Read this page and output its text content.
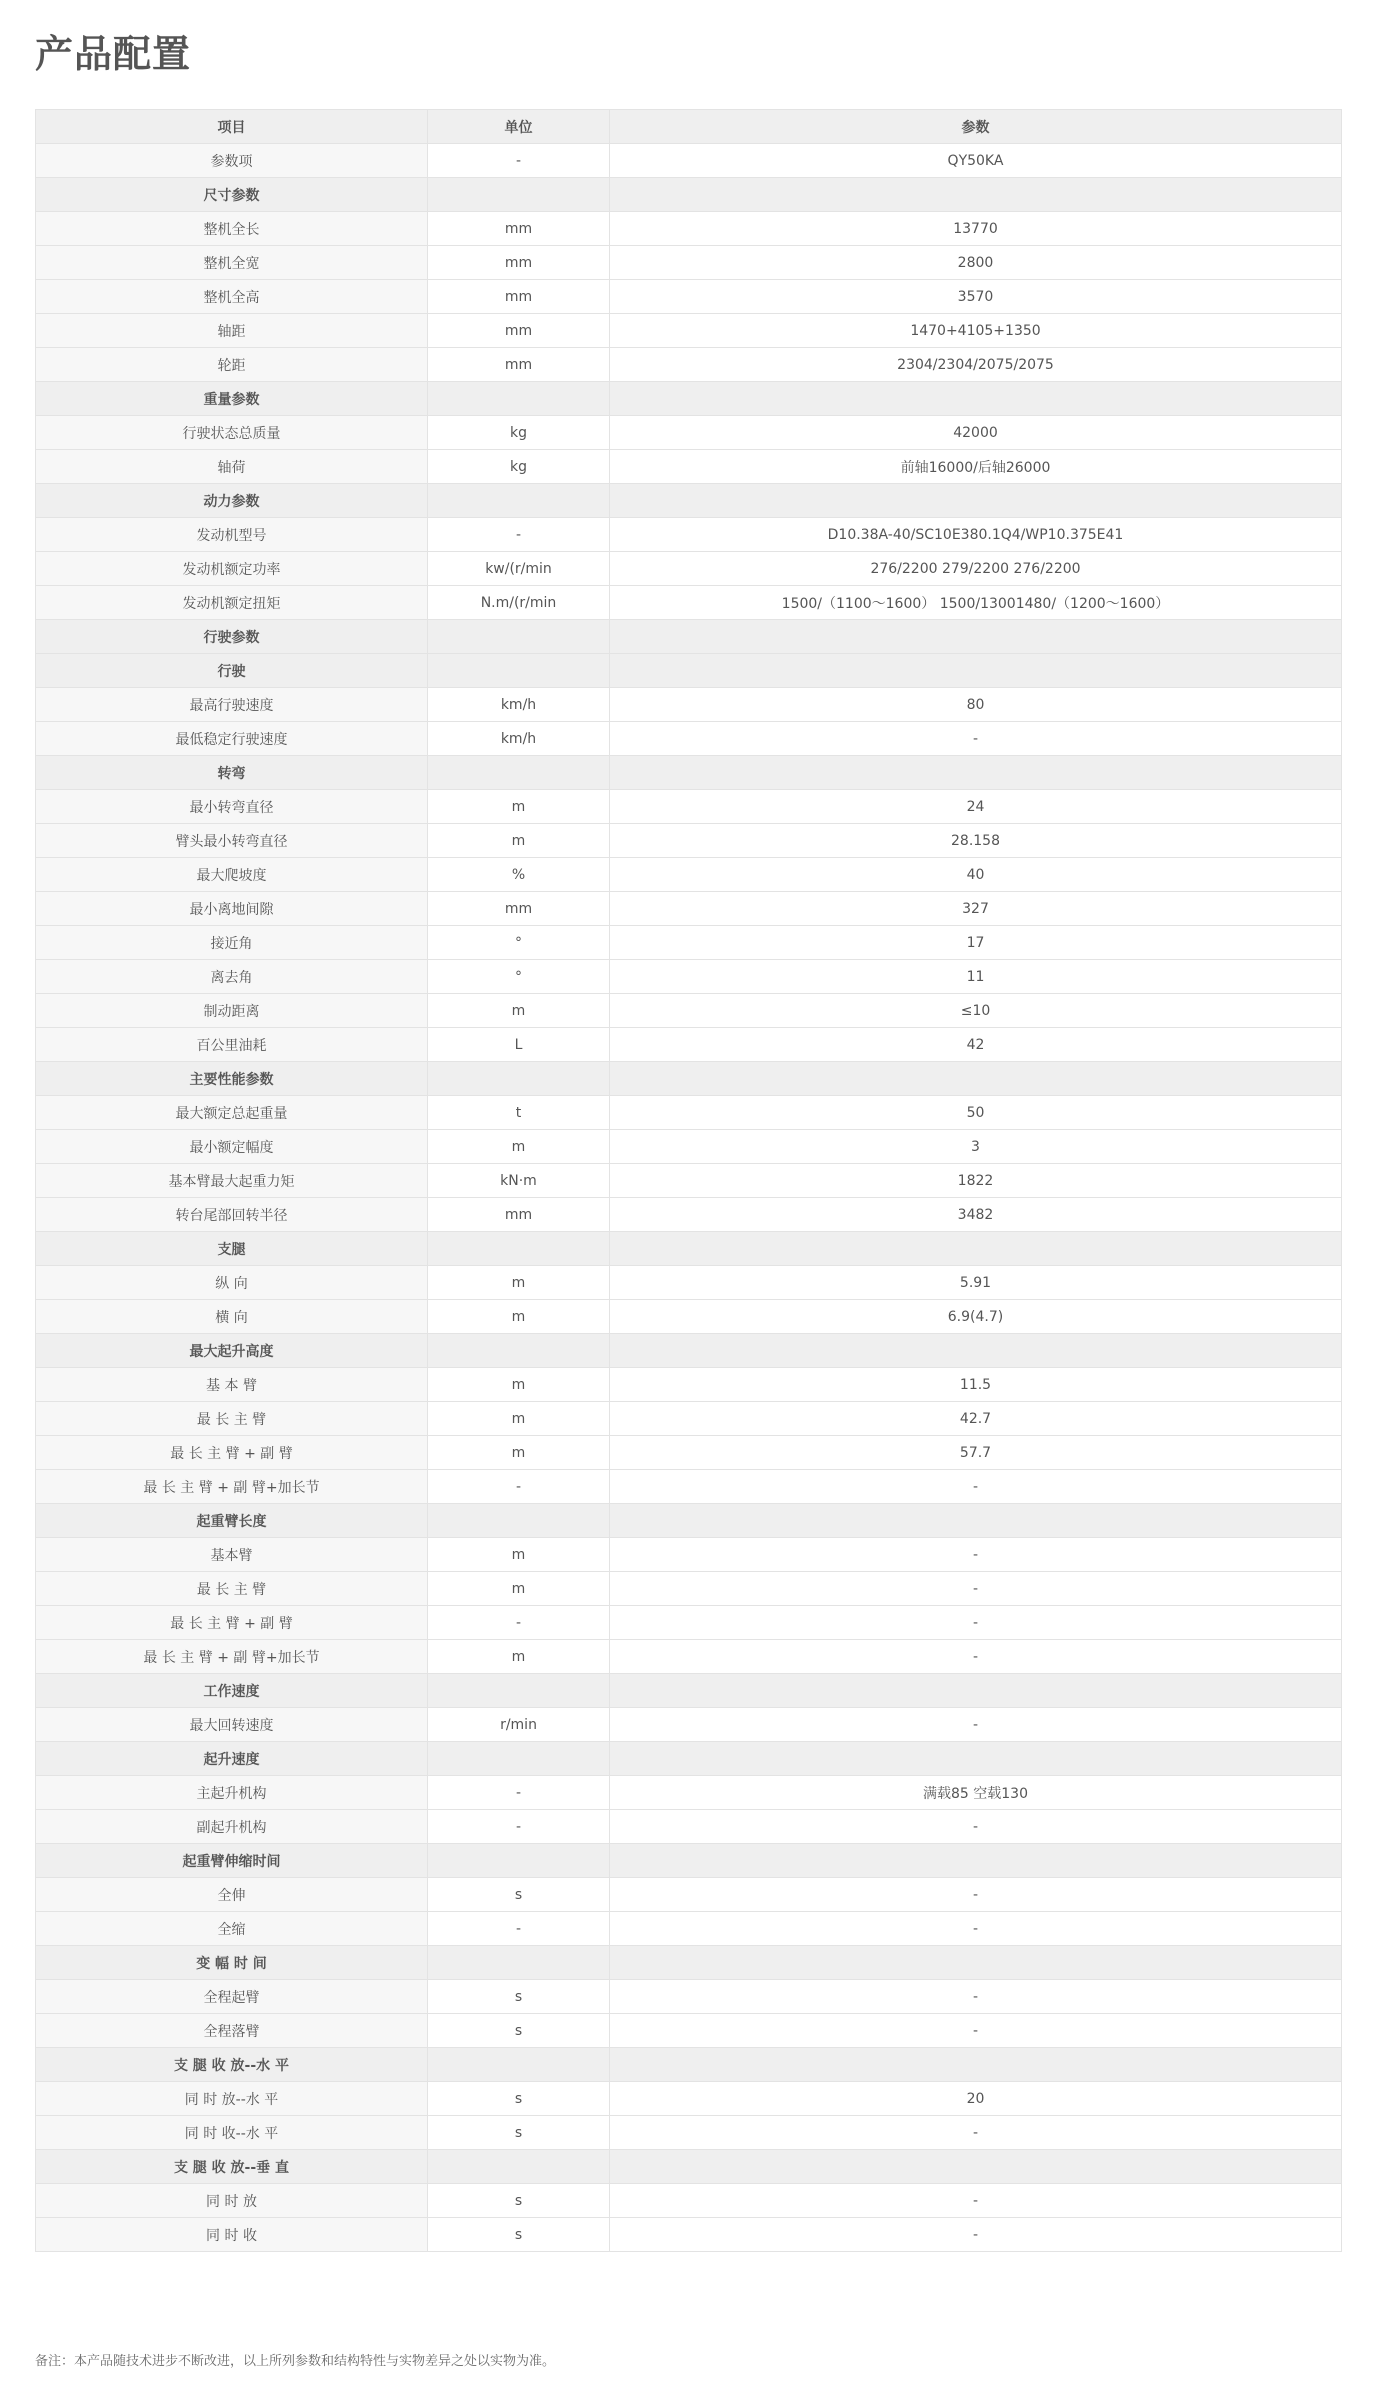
产品配置
项目	单位	参数
参数项	-	QY50KA
尺寸参数		
整机全长	mm	13770
整机全宽	mm	2800
整机全高	mm	3570
轴距	mm	1470+4105+1350
轮距	mm	2304/2304/2075/2075
重量参数		
行驶状态总质量	kg	42000
轴荷	kg	前轴16000/后轴26000
动力参数		
发动机型号	-	D10.38A-40/SC10E380.1Q4/WP10.375E41
发动机额定功率	kw/(r/min	276/2200 279/2200 276/2200
发动机额定扭矩	N.m/(r/min	1500/（1100～1600） 1500/13001480/（1200～1600）
行驶参数		
行驶		
最高行驶速度	km/h	80
最低稳定行驶速度	km/h	-
转弯		
最小转弯直径	m	24
臂头最小转弯直径	m	28.158
最大爬坡度	%	40
最小离地间隙	mm	327
接近角	°	17
离去角	°	11
制动距离	m	≤10
百公里油耗	L	42
主要性能参数		
最大额定总起重量	t	50
最小额定幅度	m	3
基本臂最大起重力矩	kN·m	1822
转台尾部回转半径	mm	3482
支腿		
纵 向	m	5.91
横 向	m	6.9(4.7)
最大起升高度		
基 本 臂	m	11.5
最 长 主 臂	m	42.7
最 长 主 臂 + 副 臂	m	57.7
最 长 主 臂 + 副 臂+加长节	-	-
起重臂长度		
基本臂	m	-
最 长 主 臂	m	-
最 长 主 臂 + 副 臂	-	-
最 长 主 臂 + 副 臂+加长节	m	-
工作速度		
最大回转速度	r/min	-
起升速度		
主起升机构	-	满载85 空载130
副起升机构	-	-
起重臂伸缩时间		
全伸	s	-
全缩	-	-
变 幅 时 间		
全程起臂	s	-
全程落臂	s	-
支 腿 收 放--水 平		
同 时 放--水 平	s	20
同 时 收--水 平	s	-
支 腿 收 放--垂 直		
同 时 放	s	-
同 时 收	s	-
备注：本产品随技术进步不断改进，以上所列参数和结构特性与实物差异之处以实物为准。
